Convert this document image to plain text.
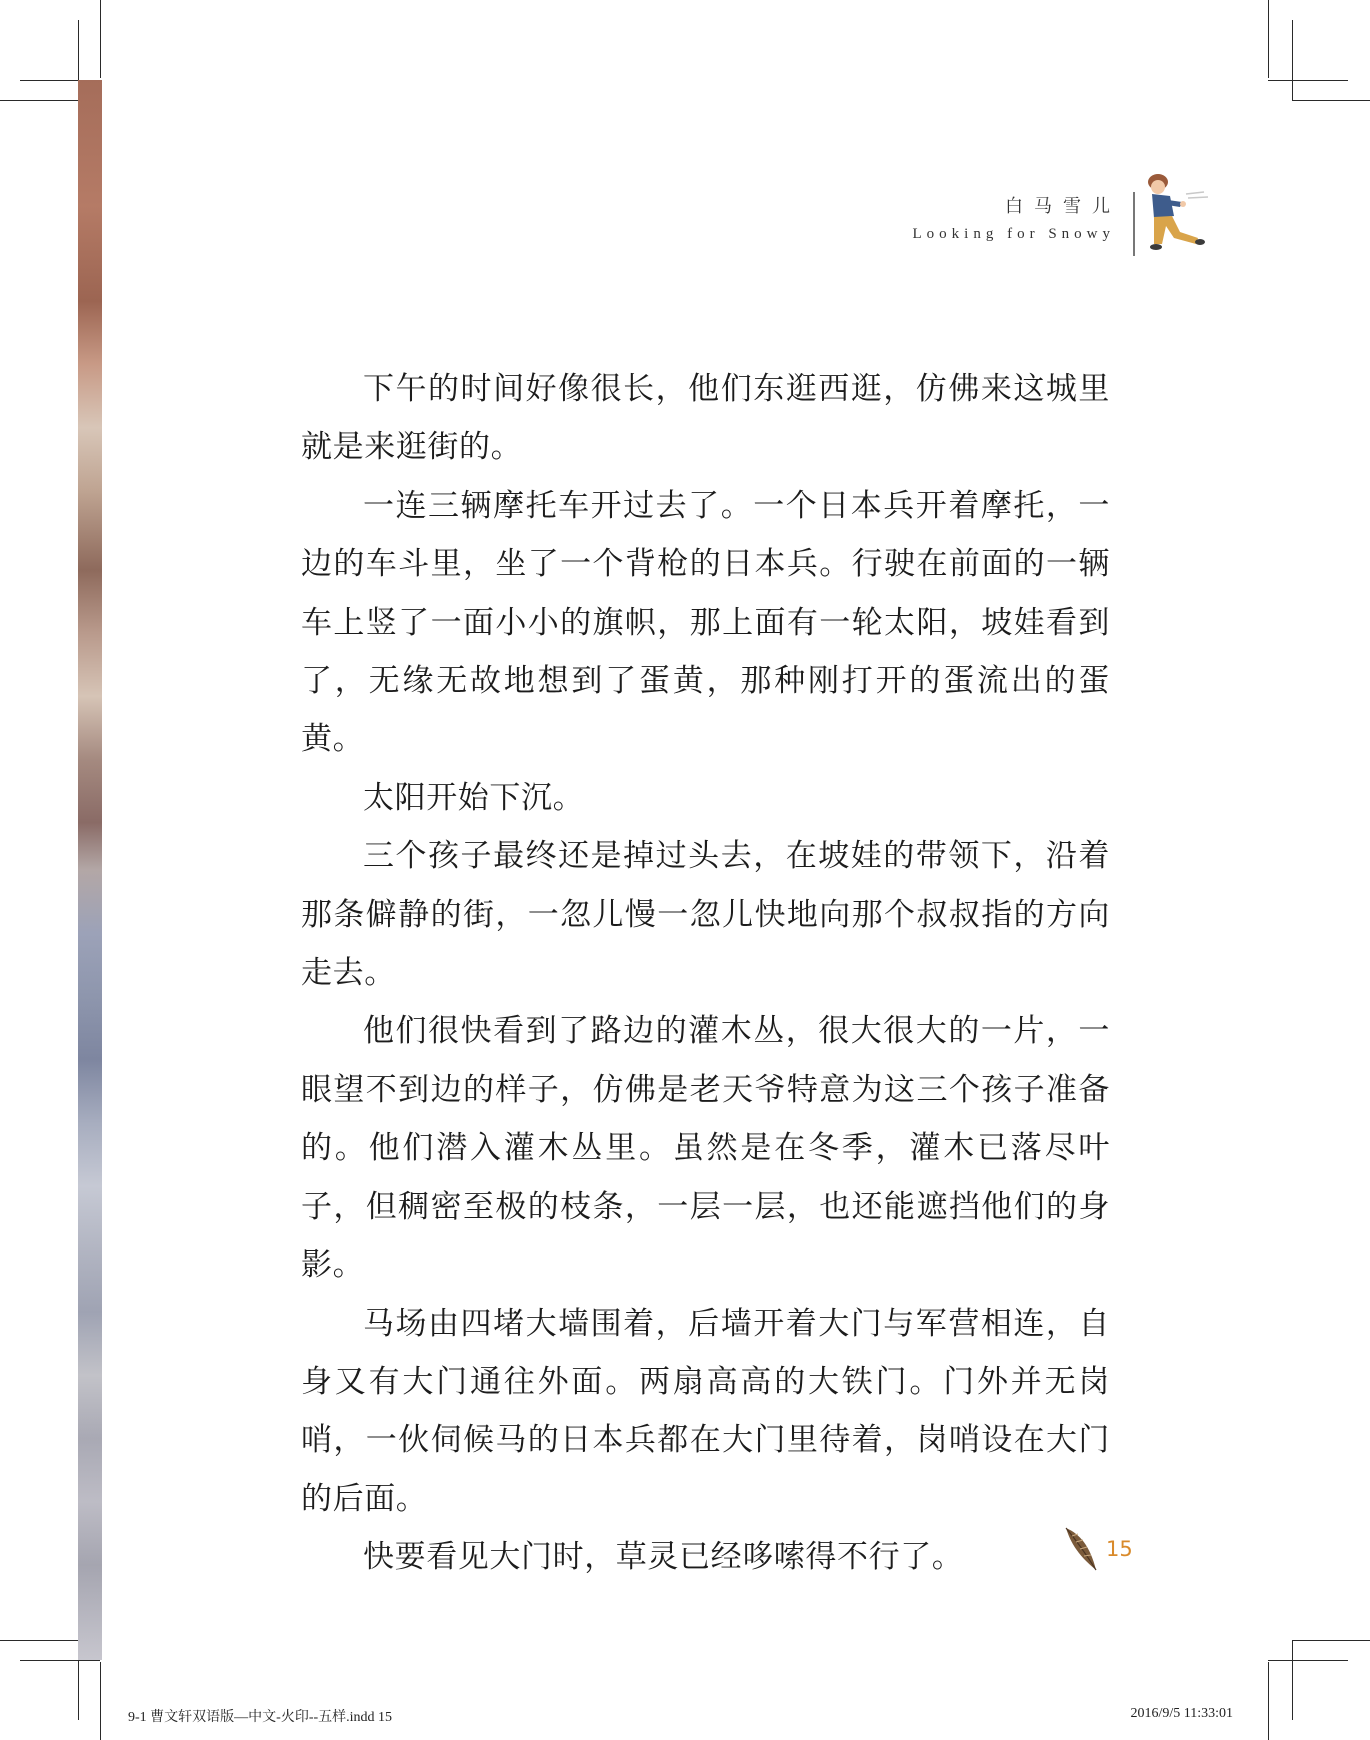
白马雪儿
Looking for Snowy

下午的时间好像很长，他们东逛西逛，仿佛来这城里就是来逛街的。

一连三辆摩托车开过去了。一个日本兵开着摩托，一边的车斗里，坐了一个背枪的日本兵。行驶在前面的一辆车上竖了一面小小的旗帜，那上面有一轮太阳，坡娃看到了，无缘无故地想到了蛋黄，那种刚打开的蛋流出的蛋黄。

太阳开始下沉。

三个孩子最终还是掉过头去，在坡娃的带领下，沿着那条僻静的街，一忽儿慢一忽儿快地向那个叔叔指的方向走去。

他们很快看到了路边的灌木丛，很大很大的一片，一眼望不到边的样子，仿佛是老天爷特意为这三个孩子准备的。他们潜入灌木丛里。虽然是在冬季，灌木已落尽叶子，但稠密至极的枝条，一层一层，也还能遮挡他们的身影。

马场由四堵大墙围着，后墙开着大门与军营相连，自身又有大门通往外面。两扇高高的大铁门。门外并无岗哨，一伙伺候马的日本兵都在大门里待着，岗哨设在大门的后面。

快要看见大门时，草灵已经哆嗦得不行了。	15
9-1 曹文轩双语版—中文-火印--五样.indd 15	2016/9/5 11:33:01
